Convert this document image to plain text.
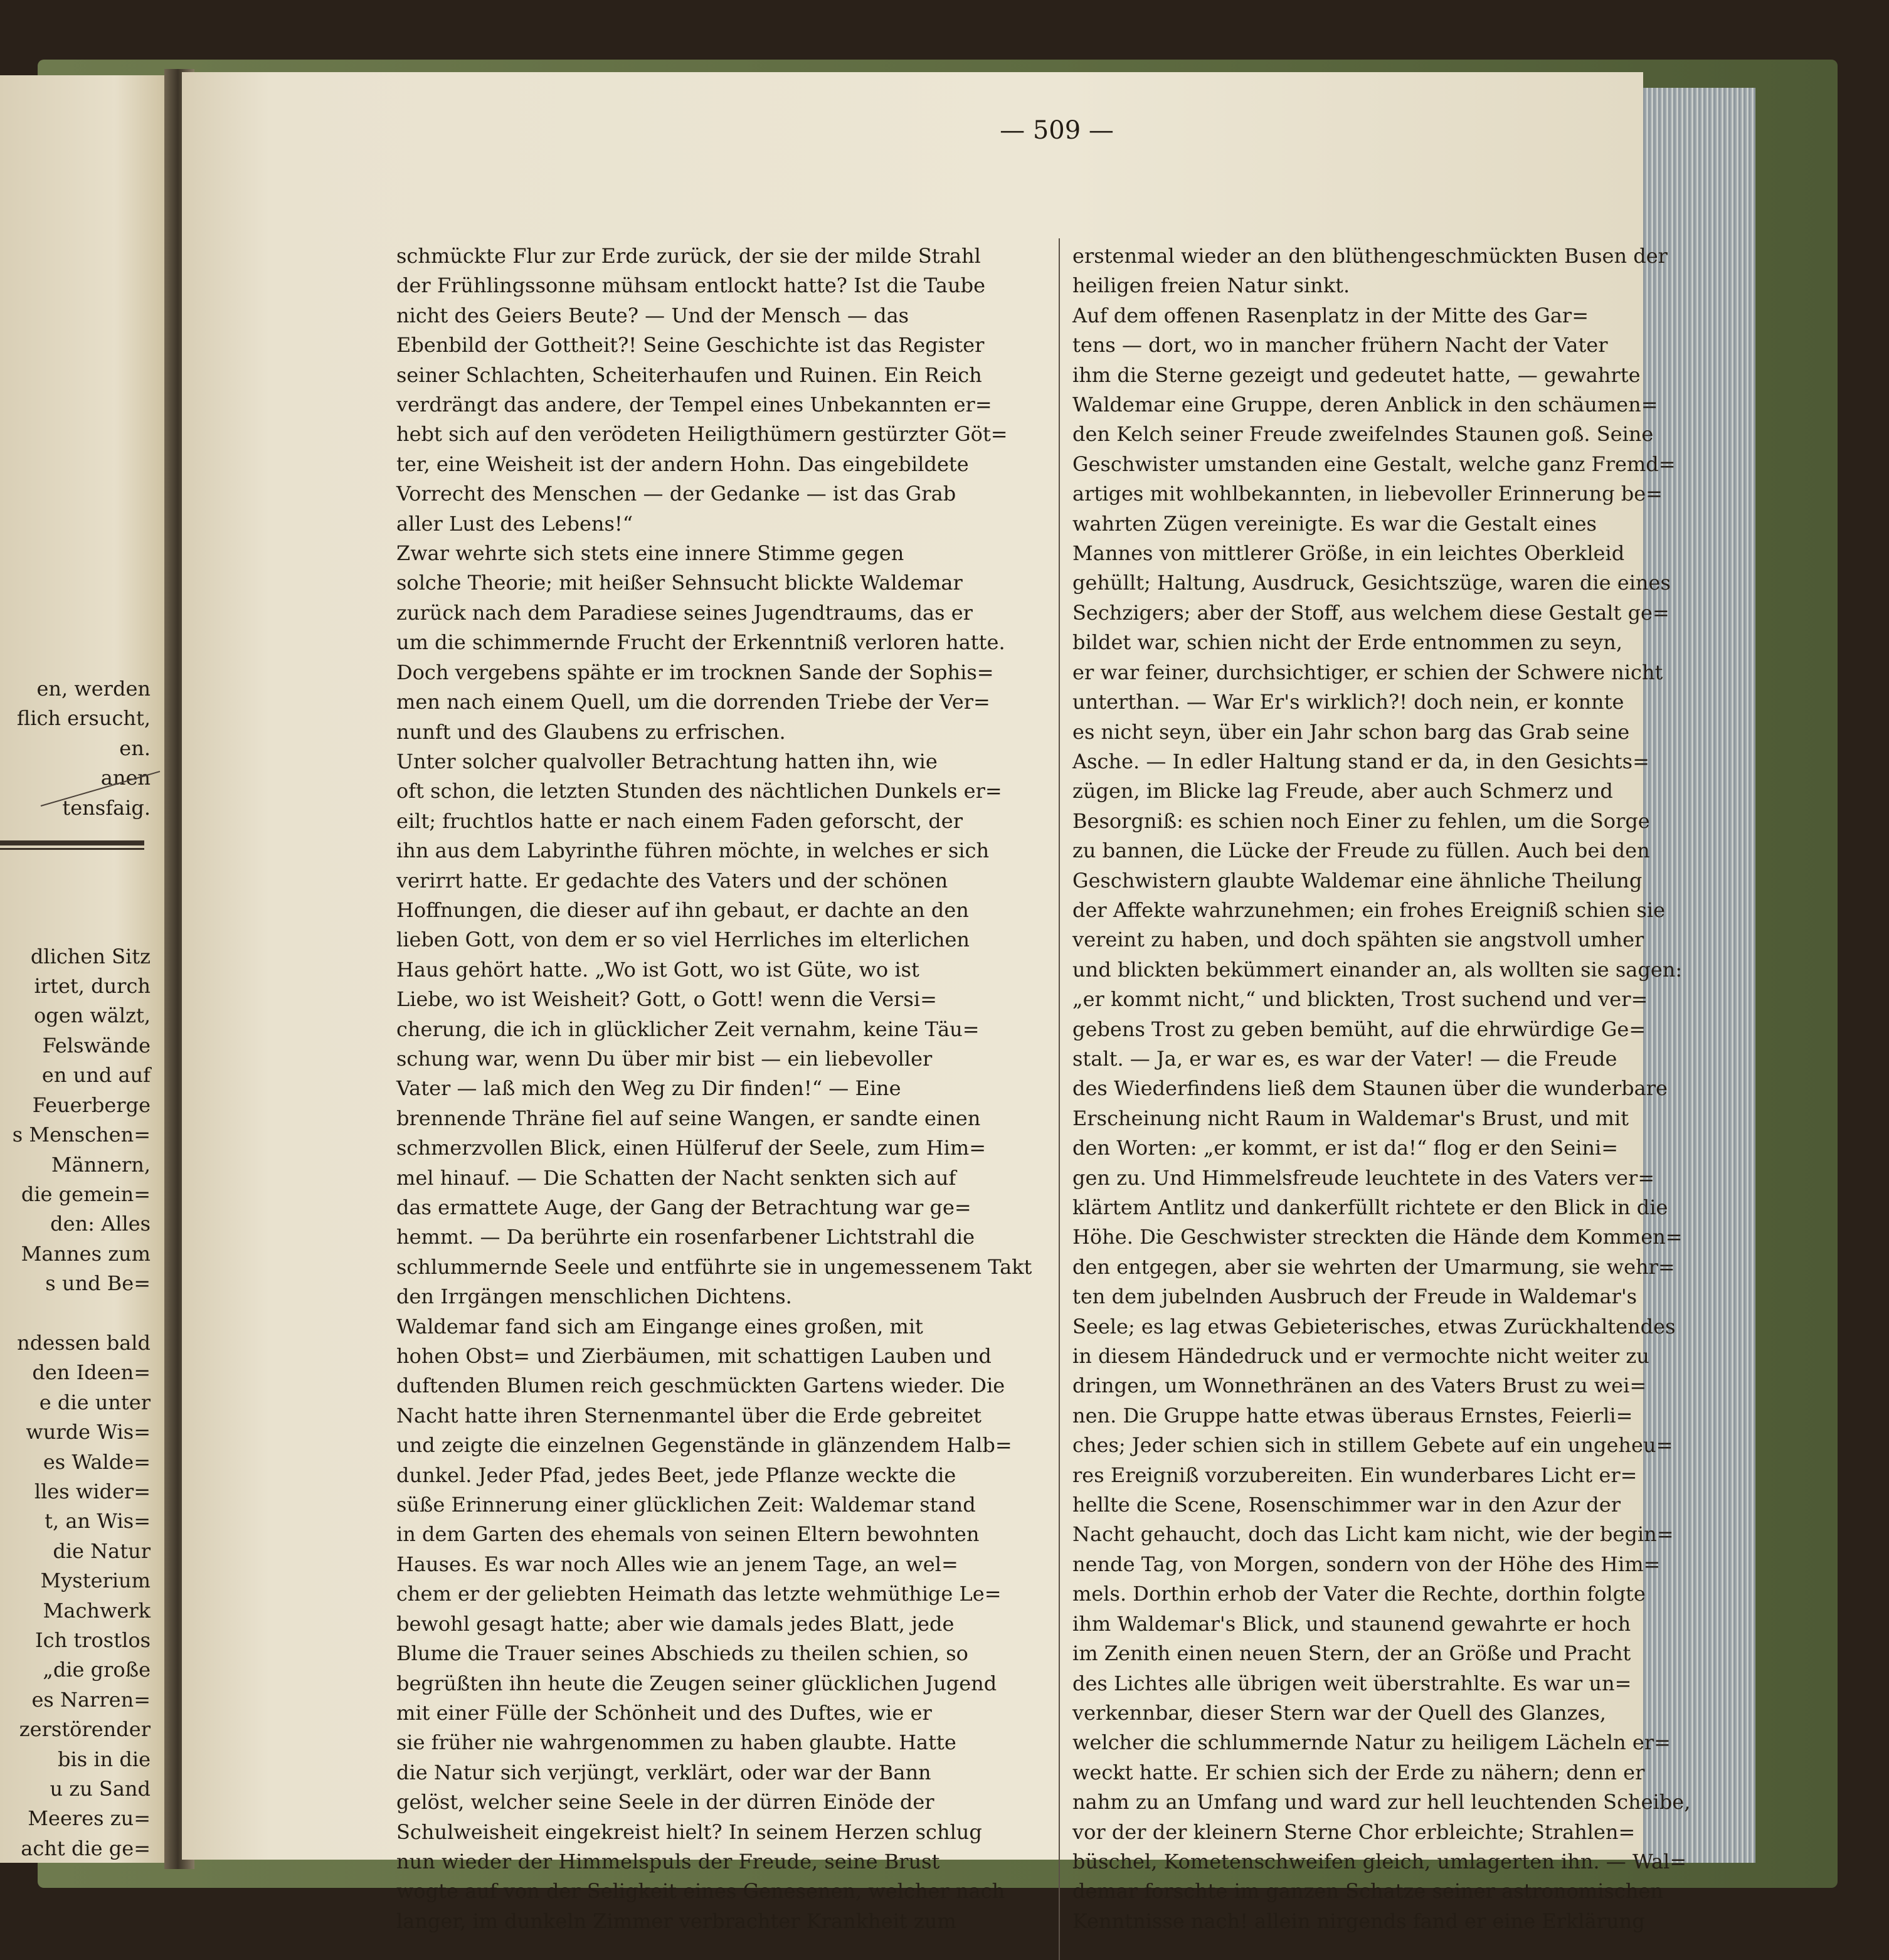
en, werden
flich ersucht,
en.
anen
tensfaig.

dlichen Sitz
irtet, durch
ogen wälzt,
Felswände
en und auf
Feuerberge
s Menschen=
Männern,
die gemein=
den: Alles
Mannes zum
s und Be=

ndessen bald
den Ideen=
e die unter
wurde Wis=
es Walde=
lles wider=
t, an Wis=
die Natur
Mysterium
Machwerk
Ich trostlos
„die große
es Narren=
zerstörender
bis in die
u zu Sand
Meeres zu=
acht die ge=
— 509 —
schmückte Flur zur Erde zurück, der sie der milde Strahl
der Frühlingssonne mühsam entlockt hatte? Ist die Taube
nicht des Geiers Beute? — Und der Mensch — das
Ebenbild der Gottheit?! Seine Geschichte ist das Register
seiner Schlachten, Scheiterhaufen und Ruinen. Ein Reich
verdrängt das andere, der Tempel eines Unbekannten er=
hebt sich auf den verödeten Heiligthümern gestürzter Göt=
ter, eine Weisheit ist der andern Hohn. Das eingebildete
Vorrecht des Menschen — der Gedanke — ist das Grab
aller Lust des Lebens!“
Zwar wehrte sich stets eine innere Stimme gegen
solche Theorie; mit heißer Sehnsucht blickte Waldemar
zurück nach dem Paradiese seines Jugendtraums, das er
um die schimmernde Frucht der Erkenntniß verloren hatte.
Doch vergebens spähte er im trocknen Sande der Sophis=
men nach einem Quell, um die dorrenden Triebe der Ver=
nunft und des Glaubens zu erfrischen.
Unter solcher qualvoller Betrachtung hatten ihn, wie
oft schon, die letzten Stunden des nächtlichen Dunkels er=
eilt; fruchtlos hatte er nach einem Faden geforscht, der
ihn aus dem Labyrinthe führen möchte, in welches er sich
verirrt hatte. Er gedachte des Vaters und der schönen
Hoffnungen, die dieser auf ihn gebaut, er dachte an den
lieben Gott, von dem er so viel Herrliches im elterlichen
Haus gehört hatte. „Wo ist Gott, wo ist Güte, wo ist
Liebe, wo ist Weisheit? Gott, o Gott! wenn die Versi=
cherung, die ich in glücklicher Zeit vernahm, keine Täu=
schung war, wenn Du über mir bist — ein liebevoller
Vater — laß mich den Weg zu Dir finden!“ — Eine
brennende Thräne fiel auf seine Wangen, er sandte einen
schmerzvollen Blick, einen Hülferuf der Seele, zum Him=
mel hinauf. — Die Schatten der Nacht senkten sich auf
das ermattete Auge, der Gang der Betrachtung war ge=
hemmt. — Da berührte ein rosenfarbener Lichtstrahl die
schlummernde Seele und entführte sie in ungemessenem Takt
den Irrgängen menschlichen Dichtens.
Waldemar fand sich am Eingange eines großen, mit
hohen Obst= und Zierbäumen, mit schattigen Lauben und
duftenden Blumen reich geschmückten Gartens wieder. Die
Nacht hatte ihren Sternenmantel über die Erde gebreitet
und zeigte die einzelnen Gegenstände in glänzendem Halb=
dunkel. Jeder Pfad, jedes Beet, jede Pflanze weckte die
süße Erinnerung einer glücklichen Zeit: Waldemar stand
in dem Garten des ehemals von seinen Eltern bewohnten
Hauses. Es war noch Alles wie an jenem Tage, an wel=
chem er der geliebten Heimath das letzte wehmüthige Le=
bewohl gesagt hatte; aber wie damals jedes Blatt, jede
Blume die Trauer seines Abschieds zu theilen schien, so
begrüßten ihn heute die Zeugen seiner glücklichen Jugend
mit einer Fülle der Schönheit und des Duftes, wie er
sie früher nie wahrgenommen zu haben glaubte. Hatte
die Natur sich verjüngt, verklärt, oder war der Bann
gelöst, welcher seine Seele in der dürren Einöde der
Schulweisheit eingekreist hielt? In seinem Herzen schlug
nun wieder der Himmelspuls der Freude, seine Brust
wogte auf von der Seligkeit eines Genesenen, welcher nach
langer, im dunkeln Zimmer verbrachter Krankheit zum
erstenmal wieder an den blüthengeschmückten Busen der
heiligen freien Natur sinkt.
Auf dem offenen Rasenplatz in der Mitte des Gar=
tens — dort, wo in mancher frühern Nacht der Vater
ihm die Sterne gezeigt und gedeutet hatte, — gewahrte
Waldemar eine Gruppe, deren Anblick in den schäumen=
den Kelch seiner Freude zweifelndes Staunen goß. Seine
Geschwister umstanden eine Gestalt, welche ganz Fremd=
artiges mit wohlbekannten, in liebevoller Erinnerung be=
wahrten Zügen vereinigte. Es war die Gestalt eines
Mannes von mittlerer Größe, in ein leichtes Oberkleid
gehüllt; Haltung, Ausdruck, Gesichtszüge, waren die eines
Sechzigers; aber der Stoff, aus welchem diese Gestalt ge=
bildet war, schien nicht der Erde entnommen zu seyn,
er war feiner, durchsichtiger, er schien der Schwere nicht
unterthan. — War Er's wirklich?! doch nein, er konnte
es nicht seyn, über ein Jahr schon barg das Grab seine
Asche. — In edler Haltung stand er da, in den Gesichts=
zügen, im Blicke lag Freude, aber auch Schmerz und
Besorgniß: es schien noch Einer zu fehlen, um die Sorge
zu bannen, die Lücke der Freude zu füllen. Auch bei den
Geschwistern glaubte Waldemar eine ähnliche Theilung
der Affekte wahrzunehmen; ein frohes Ereigniß schien sie
vereint zu haben, und doch spähten sie angstvoll umher
und blickten bekümmert einander an, als wollten sie sagen:
„er kommt nicht,“ und blickten, Trost suchend und ver=
gebens Trost zu geben bemüht, auf die ehrwürdige Ge=
stalt. — Ja, er war es, es war der Vater! — die Freude
des Wiederfindens ließ dem Staunen über die wunderbare
Erscheinung nicht Raum in Waldemar's Brust, und mit
den Worten: „er kommt, er ist da!“ flog er den Seini=
gen zu. Und Himmelsfreude leuchtete in des Vaters ver=
klärtem Antlitz und dankerfüllt richtete er den Blick in die
Höhe. Die Geschwister streckten die Hände dem Kommen=
den entgegen, aber sie wehrten der Umarmung, sie wehr=
ten dem jubelnden Ausbruch der Freude in Waldemar's
Seele; es lag etwas Gebieterisches, etwas Zurückhaltendes
in diesem Händedruck und er vermochte nicht weiter zu
dringen, um Wonnethränen an des Vaters Brust zu wei=
nen. Die Gruppe hatte etwas überaus Ernstes, Feierli=
ches; Jeder schien sich in stillem Gebete auf ein ungeheu=
res Ereigniß vorzubereiten. Ein wunderbares Licht er=
hellte die Scene, Rosenschimmer war in den Azur der
Nacht gehaucht, doch das Licht kam nicht, wie der begin=
nende Tag, von Morgen, sondern von der Höhe des Him=
mels. Dorthin erhob der Vater die Rechte, dorthin folgte
ihm Waldemar's Blick, und staunend gewahrte er hoch
im Zenith einen neuen Stern, der an Größe und Pracht
des Lichtes alle übrigen weit überstrahlte. Es war un=
verkennbar, dieser Stern war der Quell des Glanzes,
welcher die schlummernde Natur zu heiligem Lächeln er=
weckt hatte. Er schien sich der Erde zu nähern; denn er
nahm zu an Umfang und ward zur hell leuchtenden Scheibe,
vor der der kleinern Sterne Chor erbleichte; Strahlen=
büschel, Kometenschweifen gleich, umlagerten ihn. — Wal=
demar forschte im ganzen Schatze seiner astronomischen
Kenntnisse nach! allein nirgends fand er eine Erklärung
